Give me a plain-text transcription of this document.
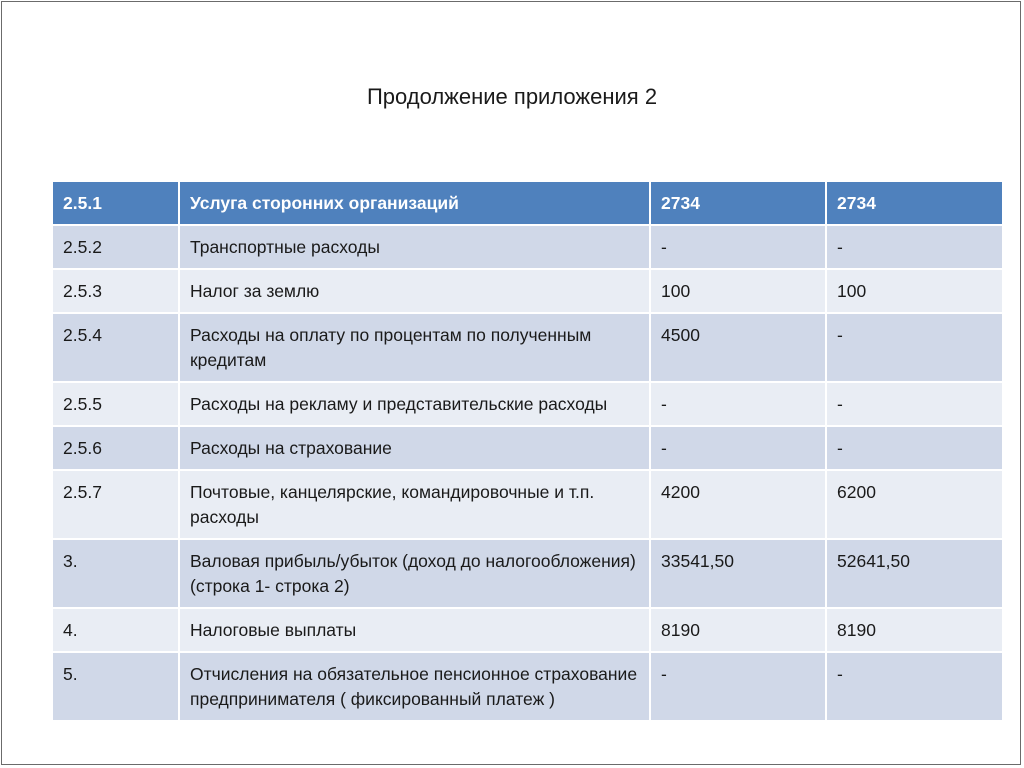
Продолжение приложения 2
2.5.1	Услуга сторонних организаций	2734	2734
2.5.2	Транспортные расходы	-	-
2.5.3	Налог за землю	100	100
2.5.4	Расходы на оплату по процентам по полученным кредитам	4500	-
2.5.5	Расходы на рекламу и представительские расходы	-	-
2.5.6	Расходы на страхование	-	-
2.5.7	Почтовые, канцелярские, командировочные и т.п. расходы	4200	6200
3.	Валовая прибыль/убыток (доход до налогообложения) (строка 1- строка 2)	33541,50	52641,50
4.	Налоговые выплаты	8190	8190
5.	Отчисления на обязательное пенсионное страхование предпринимателя ( фиксированный платеж )	-	-
